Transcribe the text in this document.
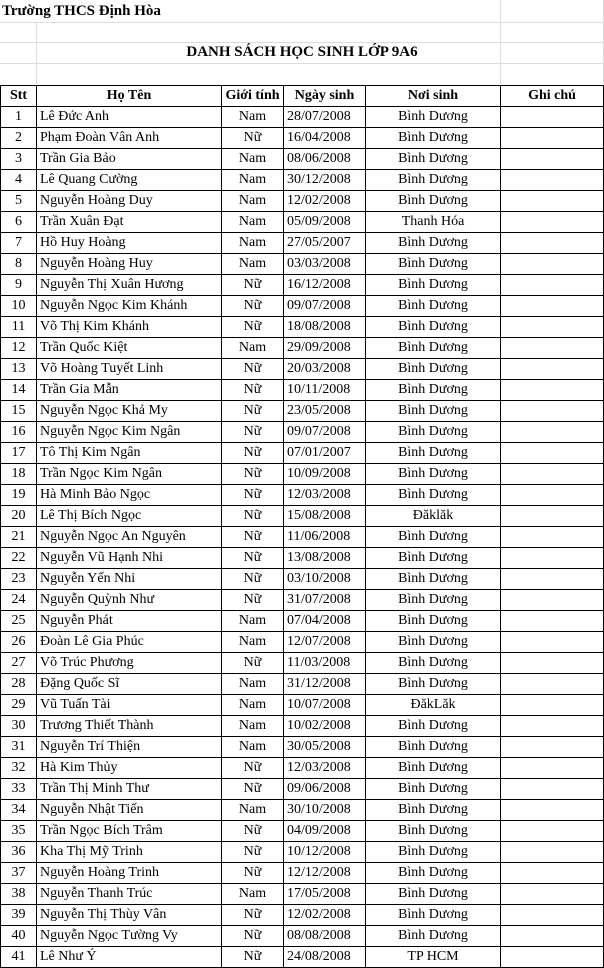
Trường THCS Định Hòa
DANH SÁCH HỌC SINH LỚP 9A6
Stt	Họ Tên	Giới tính	Ngày sinh	Nơi sinh	Ghi chú
1	Lê Đức Anh	Nam	28/07/2008	Bình Dương	
2	Phạm Đoàn Vân Anh	Nữ	16/04/2008	Bình Dương	
3	Trần Gia Bảo	Nam	08/06/2008	Bình Dương	
4	Lê Quang Cường	Nam	30/12/2008	Bình Dương	
5	Nguyễn Hoàng Duy	Nam	12/02/2008	Bình Dương	
6	Trần Xuân Đạt	Nam	05/09/2008	Thanh Hóa	
7	Hồ Huy Hoàng	Nam	27/05/2007	Bình Dương	
8	Nguyễn Hoàng Huy	Nam	03/03/2008	Bình Dương	
9	Nguyễn Thị Xuân Hương	Nữ	16/12/2008	Bình Dương	
10	Nguyễn Ngọc Kim Khánh	Nữ	09/07/2008	Bình Dương	
11	Võ Thị Kim Khánh	Nữ	18/08/2008	Bình Dương	
12	Trần Quốc Kiệt	Nam	29/09/2008	Bình Dương	
13	Võ Hoàng Tuyết Linh	Nữ	20/03/2008	Bình Dương	
14	Trần Gia Mẫn	Nữ	10/11/2008	Bình Dương	
15	Nguyễn Ngọc Khả My	Nữ	23/05/2008	Bình Dương	
16	Nguyễn Ngọc Kim Ngân	Nữ	09/07/2008	Bình Dương	
17	Tô Thị Kim Ngân	Nữ	07/01/2007	Bình Dương	
18	Trần Ngọc Kim Ngân	Nữ	10/09/2008	Bình Dương	
19	Hà Minh Bảo Ngọc	Nữ	12/03/2008	Bình Dương	
20	Lê Thị Bích Ngọc	Nữ	15/08/2008	Đăklăk	
21	Nguyễn Ngọc An Nguyên	Nữ	11/06/2008	Bình Dương	
22	Nguyễn Vũ Hạnh Nhi	Nữ	13/08/2008	Bình Dương	
23	Nguyễn Yến Nhi	Nữ	03/10/2008	Bình Dương	
24	Nguyễn Quỳnh Như	Nữ	31/07/2008	Bình Dương	
25	Nguyễn Phát	Nam	07/04/2008	Bình Dương	
26	Đoàn Lê Gia Phúc	Nam	12/07/2008	Bình Dương	
27	Võ Trúc Phương	Nữ	11/03/2008	Bình Dương	
28	Đặng Quốc Sĩ	Nam	31/12/2008	Bình Dương	
29	Vũ Tuấn Tài	Nam	10/07/2008	ĐăkLăk	
30	Trương Thiết Thành	Nam	10/02/2008	Bình Dương	
31	Nguyễn Trí Thiện	Nam	30/05/2008	Bình Dương	
32	Hà Kim Thủy	Nữ	12/03/2008	Bình Dương	
33	Trần Thị Minh Thư	Nữ	09/06/2008	Bình Dương	
34	Nguyễn Nhật Tiến	Nam	30/10/2008	Bình Dương	
35	Trần Ngọc Bích Trâm	Nữ	04/09/2008	Bình Dương	
36	Kha Thị Mỹ Trinh	Nữ	10/12/2008	Bình Dương	
37	Nguyễn Hoàng Trinh	Nữ	12/12/2008	Bình Dương	
38	Nguyễn Thanh Trúc	Nam	17/05/2008	Bình Dương	
39	Nguyễn Thị Thùy Vân	Nữ	12/02/2008	Bình Dương	
40	Nguyễn Ngọc Tường Vy	Nữ	08/08/2008	Bình Dương	
41	Lê Như Ý	Nữ	24/08/2008	TP HCM	
